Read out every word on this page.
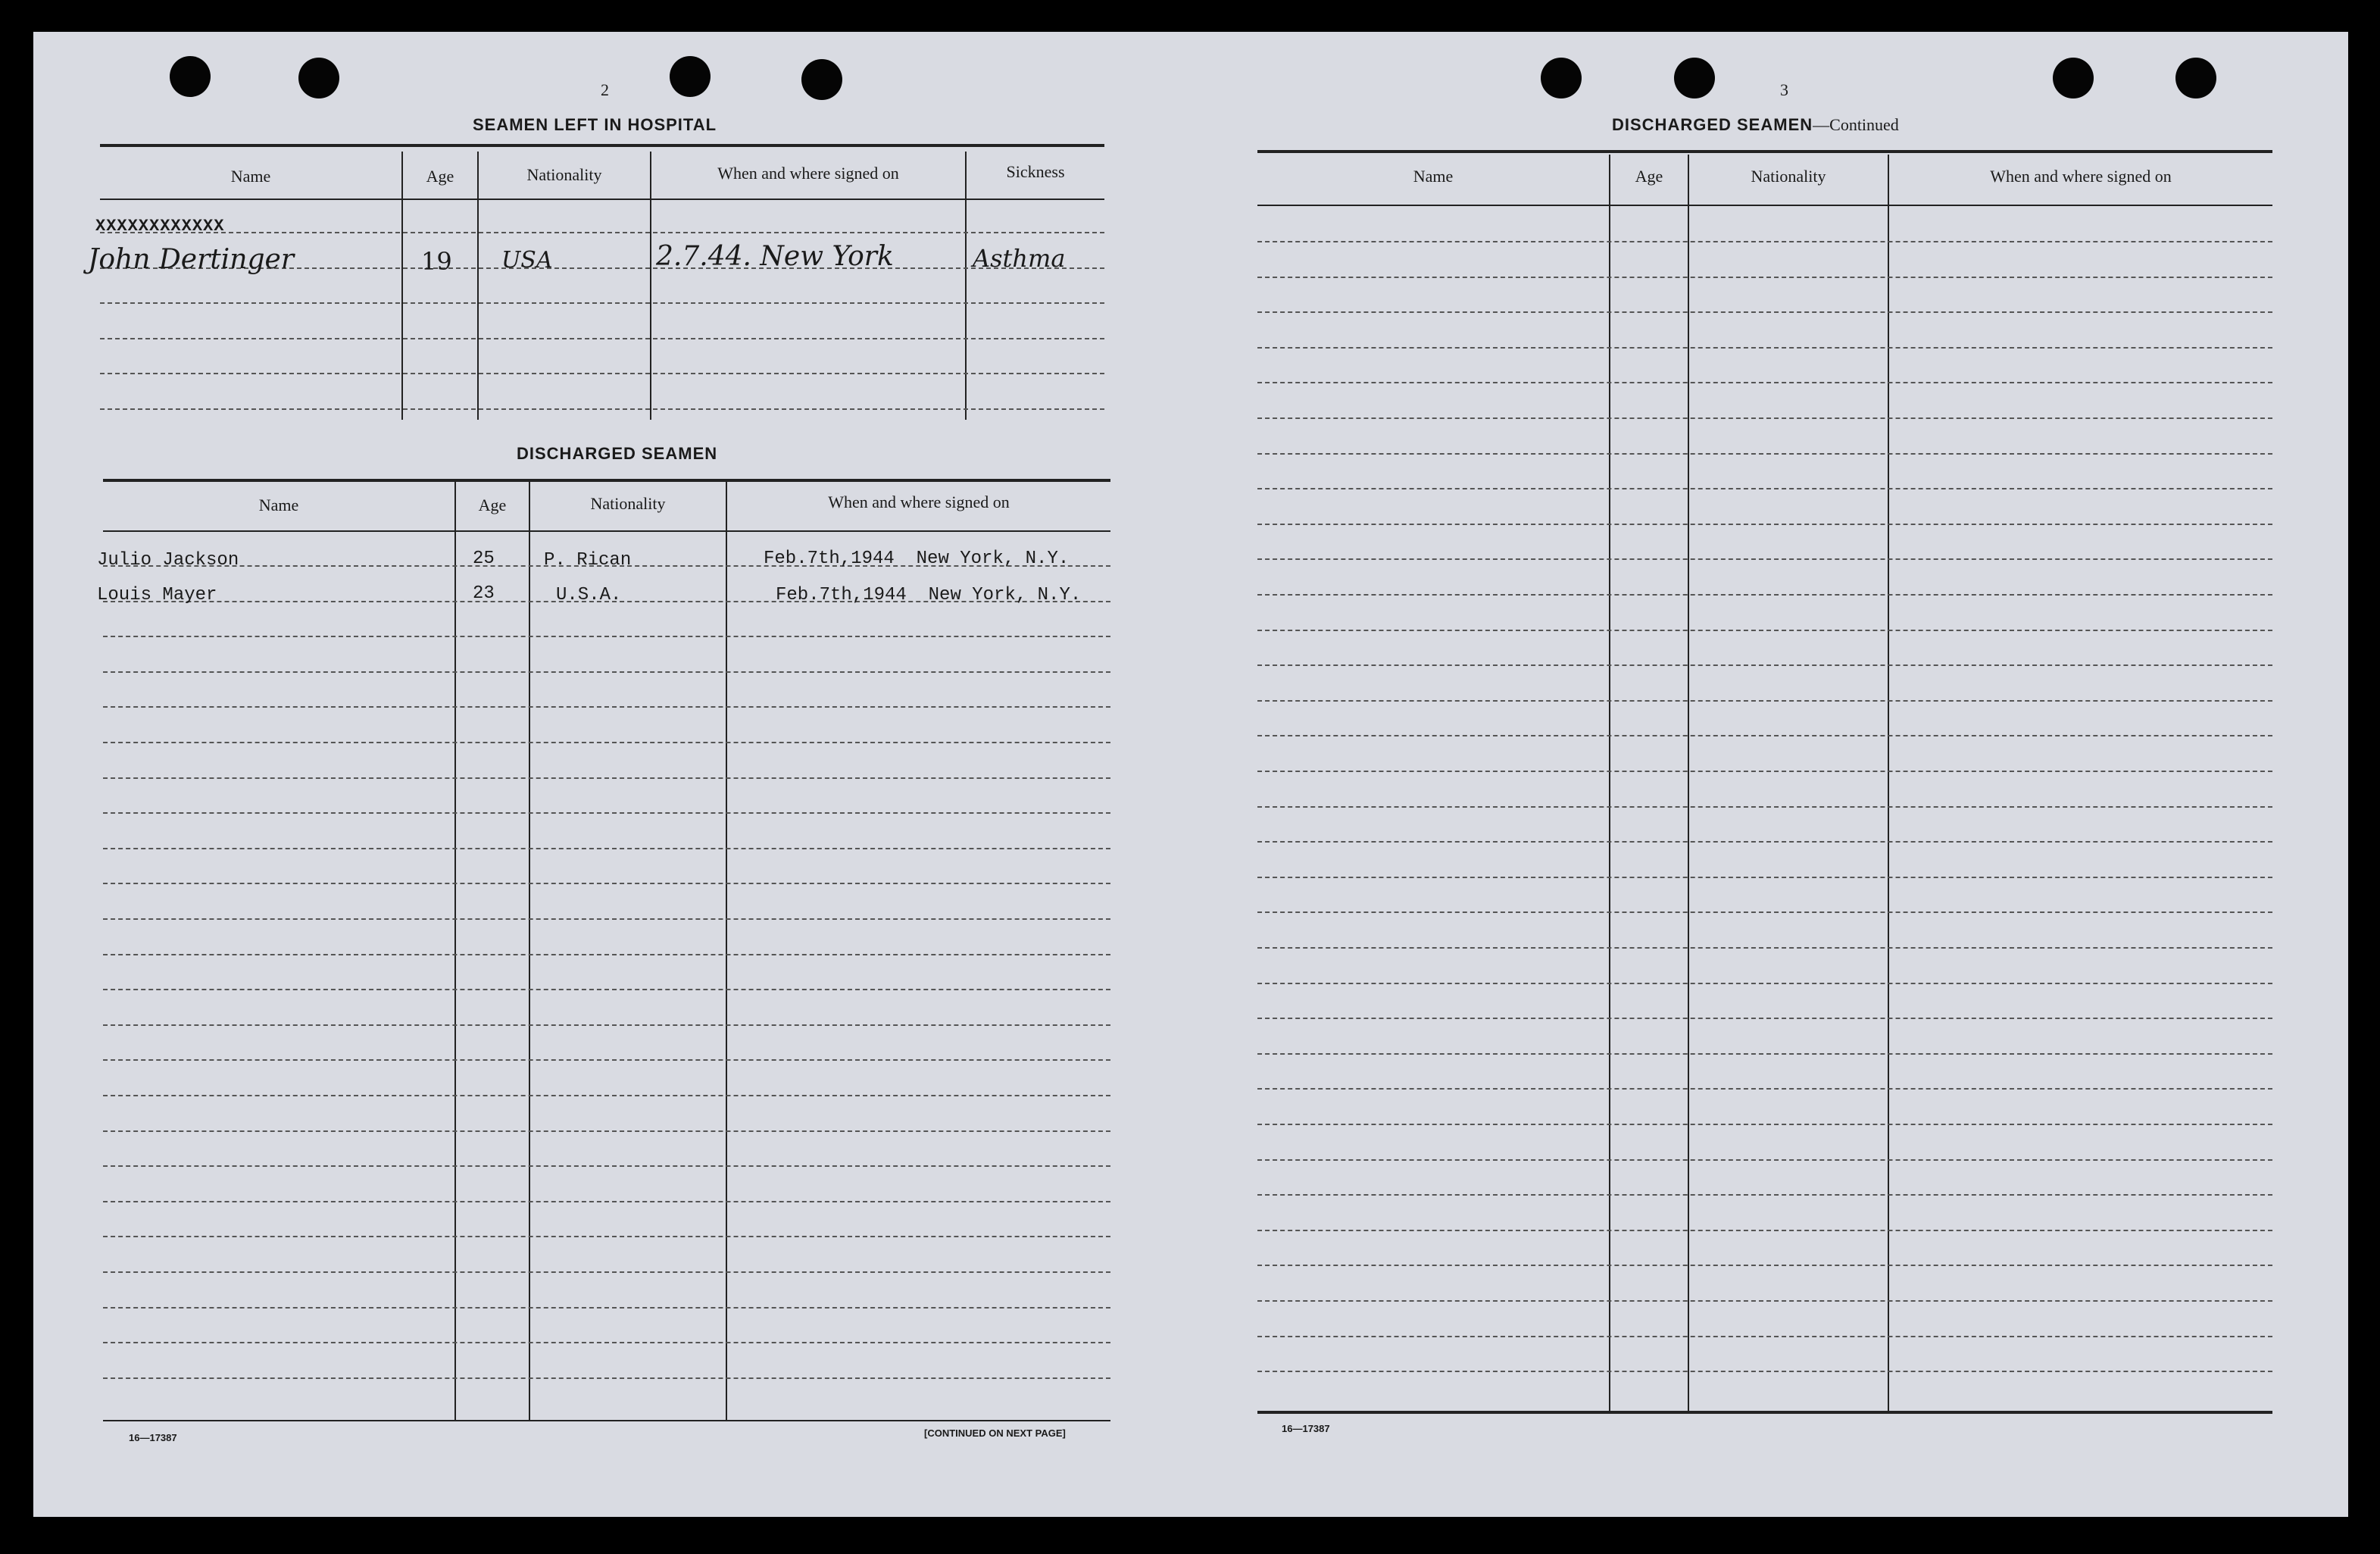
2
SEAMEN LEFT IN HOSPITAL
Name	Age	Nationality	When and where signed on	Sickness
XXXXXXXXXXXX
John Dertinger	19 USA	2.7.44. New York	Asthma
DISCHARGED SEAMEN
Name	Age	Nationality	When and where signed on
Julio Jackson	25	P. Rican	Feb.7th,1944  New York, N.Y.
Louis Mayer	23	U.S.A.	Feb.7th,1944  New York, N.Y.
16—17387	[CONTINUED ON NEXT PAGE]
3
DISCHARGED SEAMEN—Continued
Name	Age	Nationality	When and where signed on
16—17387
